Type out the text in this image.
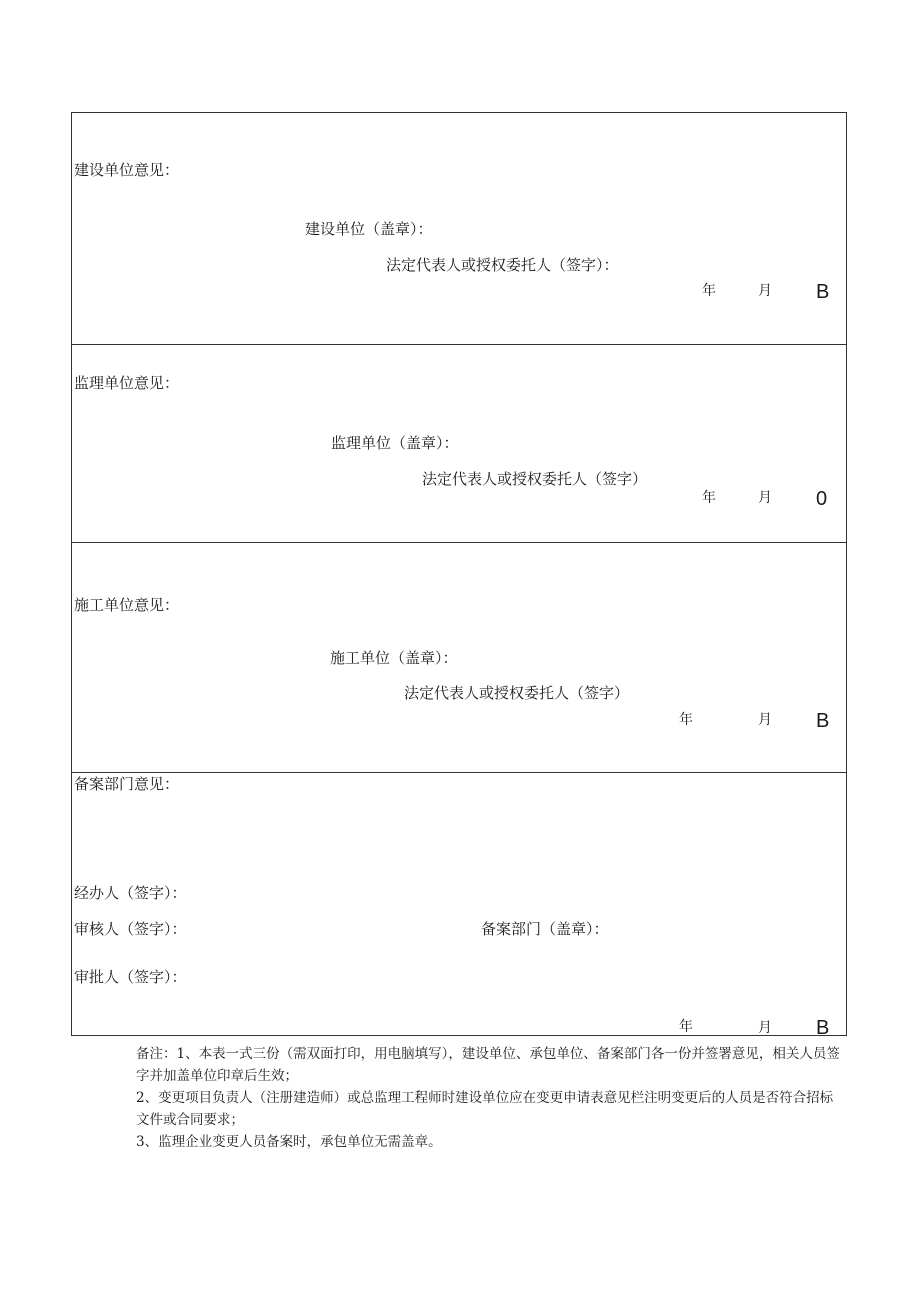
建设单位意见：
建设单位（盖章）：
法定代表人或授权委托人（签字）：
年	月 B
监理单位意见：
监理单位（盖章）：
法定代表人或授权委托人（签字）
年	月 0
施工单位意见：
施工单位（盖章）：
法定代表人或授权委托人（签字）
年	月 B
备案部门意见：
经办人（签字）：
审核人（签字）：	备案部门（盖章）：
审批人（签字）：
年	月 B

备注：1、本表一式三份（需双面打印，用电脑填写），建设单位、承包单位、备案部门各一份并签署意见，相关人员签字并加盖单位印章后生效；

2、变更项目负责人（注册建造师）或总监理工程师时建设单位应在变更申请表意见栏注明变更后的人员是否符合招标文件或合同要求；

3、监理企业变更人员备案时，承包单位无需盖章。
